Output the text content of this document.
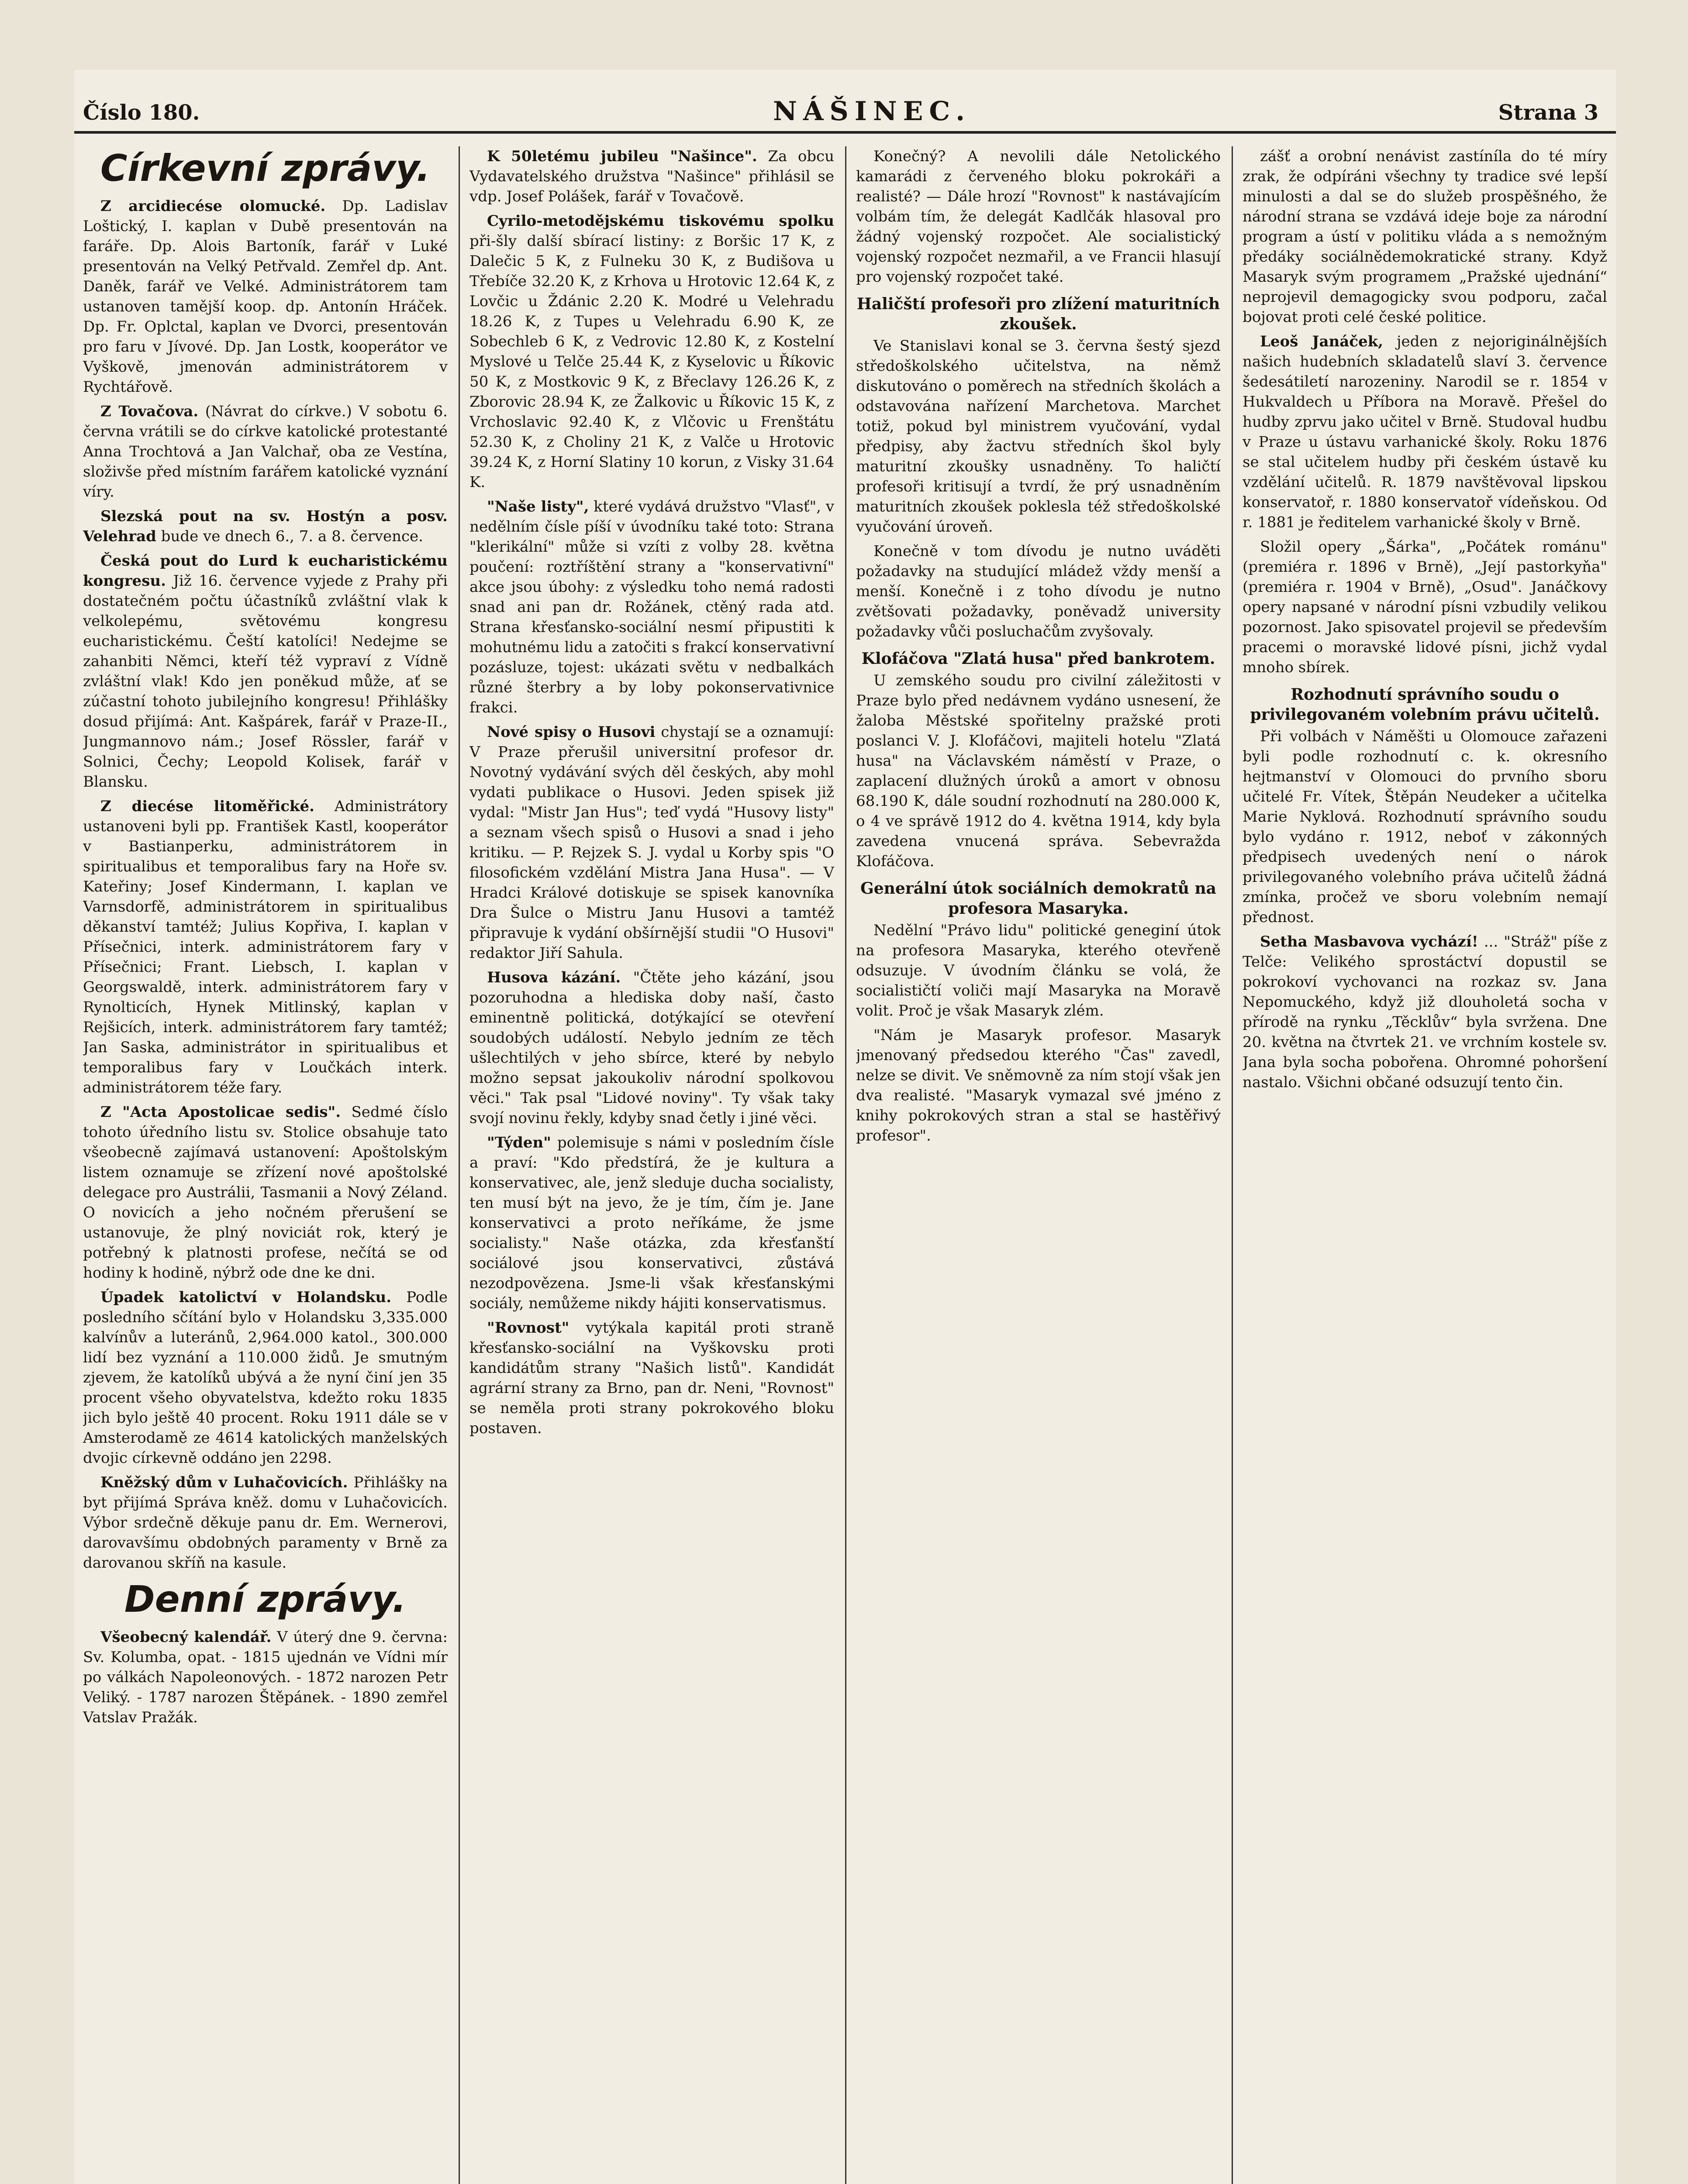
Číslo 180.	NÁŠINEC.	Strana 3
Církevní zprávy.

Z arcidiecése olomucké. Dp. Ladislav Loštický, I. kaplan v Dubě presentován na faráře. Dp. Alois Bartoník, farář v Luké presentován na Velký Petřvald. Zemřel dp. Ant. Daněk, farář ve Velké. Administrátorem tam ustanoven tamější koop. dp. Antonín Hráček. Dp. Fr. Oplctal, kaplan ve Dvorci, presentován pro faru v Jívové. Dp. Jan Lostk, kooperátor ve Vyškově, jmenován administrátorem v Rychtářově.

Z Tovačova. (Návrat do církve.) V sobotu 6. června vrátili se do církve katolické protestanté Anna Trochtová a Jan Valchař, oba ze Vestína, složivše před místním farářem katolické vyznání víry.

Slezská pout na sv. Hostýn a posv. Velehrad bude ve dnech 6., 7. a 8. července.

Česká pout do Lurd k eucharistickému kongresu. Již 16. července vyjede z Prahy při dostatečném počtu účastníků zvláštní vlak k velkolepému, světovému kongresu eucharistickému. Čeští katolíci! Nedejme se zahanbiti Němci, kteří též vypraví z Vídně zvláštní vlak! Kdo jen poněkud může, ať se zúčastní tohoto jubilejního kongresu! Přihlášky dosud přijímá: Ant. Kašpárek, farář v Praze-II., Jungmannovo nám.; Josef Rössler, farář v Solnici, Čechy; Leopold Kolisek, farář v Blansku.

Z diecése litoměřické. Administrátory ustanoveni byli pp. František Kastl, kooperátor v Bastianperku, administrátorem in spiritualibus et temporalibus fary na Hoře sv. Kateřiny; Josef Kindermann, I. kaplan ve Varnsdorfě, administrátorem in spiritualibus děkanství tamtéž; Julius Kopřiva, I. kaplan v Přísečnici, interk. administrátorem fary v Přísečnici; Frant. Liebsch, I. kaplan v Georgswaldě, interk. administrátorem fary v Rynolticích, Hynek Mitlinský, kaplan v Rejšicích, interk. administrátorem fary tamtéž; Jan Saska, administrátor in spiritualibus et temporalibus fary v Loučkách interk. administrátorem téže fary.

Z "Acta Apostolicae sedis". Sedmé číslo tohoto úředního listu sv. Stolice obsahuje tato všeobecně zajímavá ustanovení: Apoštolským listem oznamuje se zřízení nové apoštolské delegace pro Austrálii, Tasmanii a Nový Zéland. O novicích a jeho nočném přerušení se ustanovuje, že plný noviciát rok, který je potřebný k platnosti profese, nečítá se od hodiny k hodině, nýbrž ode dne ke dni.

Úpadek katolictví v Holandsku. Podle posledního sčítání bylo v Holandsku 3,335.000 kalvínův a luteránů, 2,964.000 katol., 300.000 lidí bez vyznání a 110.000 židů. Je smutným zjevem, že katolíků ubývá a že nyní činí jen 35 procent všeho obyvatelstva, kdežto roku 1835 jich bylo ještě 40 procent. Roku 1911 dále se v Amsterodamě ze 4614 katolických manželských dvojic církevně oddáno jen 2298.

Kněžský dům v Luhačovicích. Přihlášky na byt přijímá Správa kněž. domu v Luhačovicích. Výbor srdečně děkuje panu dr. Em. Wernerovi, darovavšímu obdobných paramenty v Brně za darovanou skříň na kasule.

Denní zprávy.

Všeobecný kalendář. V úterý dne 9. června: Sv. Kolumba, opat. - 1815 ujednán ve Vídni mír po válkách Napoleonových. - 1872 narozen Petr Veliký. - 1787 narozen Štěpánek. - 1890 zemřel Vatslav Pražák.

K 50letému jubileu "Našince". Za obcu Vydavatelského družstva "Našince" přihlásil se vdp. Josef Polášek, farář v Tovačově.

Cyrilo-metodějskému tiskovému spolku při-šly další sbírací listiny: z Boršic 17 K, z Dalečic 5 K, z Fulneku 30 K, z Budišova u Třebíče 32.20 K, z Krhova u Hrotovic 12.64 K, z Lovčic u Ždánic 2.20 K. Modré u Velehradu 18.26 K, z Tupes u Velehradu 6.90 K, ze Sobechleb 6 K, z Vedrovic 12.80 K, z Kostelní Myslové u Telče 25.44 K, z Kyselovic u Říkovic 50 K, z Mostkovic 9 K, z Břeclavy 126.26 K, z Zborovic 28.94 K, ze Žalkovic u Říkovic 15 K, z Vrchoslavic 92.40 K, z Vlčovic u Frenštátu 52.30 K, z Choliny 21 K, z Valče u Hrotovic 39.24 K, z Horní Slatiny 10 korun, z Visky 31.64 K.

"Naše listy", které vydává družstvo "Vlasť", v nedělním čísle píší v úvodníku také toto: Strana "klerikální" může si vzíti z volby 28. května poučení: roztříštění strany a "konservativní" akce jsou úbohy: z výsledku toho nemá radosti snad ani pan dr. Rožánek, ctěný rada atd. Strana křesťansko-sociální nesmí připustiti k mohutnému lidu a zatočiti s frakcí konservativní pozásluze, tojest: ukázati světu v nedbalkách různé šterbry a by loby pokonservativnice frakci.

Nové spisy o Husovi chystají se a oznamují: V Praze přerušil universitní profesor dr. Novotný vydávání svých děl českých, aby mohl vydati publikace o Husovi. Jeden spisek již vydal: "Mistr Jan Hus"; teď vydá "Husovy listy" a seznam všech spisů o Husovi a snad i jeho kritiku. — P. Rejzek S. J. vydal u Korby spis "O filosofickém vzdělání Mistra Jana Husa". — V Hradci Králové dotiskuje se spisek kanovníka Dra Šulce o Mistru Janu Husovi a tamtéž připravuje k vydání obšírnější studii "O Husovi" redaktor Jiří Sahula.

Husova kázání. "Čtěte jeho kázání, jsou pozoruhodna a hlediska doby naší, často eminentně politická, dotýkající se otevření soudobých událostí. Nebylo jedním ze těch ušlechtilých v jeho sbírce, které by nebylo možno sepsat jakoukoliv národní spolkovou věci." Tak psal "Lidové noviny". Ty však taky svojí novinu řekly, kdyby snad četly i jiné věci.

"Týden" polemisuje s námi v posledním čísle a praví: "Kdo předstírá, že je kultura a konservativec, ale, jenž sleduje ducha socialisty, ten musí být na jevo, že je tím, čím je. Jane konservativci a proto neříkáme, že jsme socialisty." Naše otázka, zda křesťanští sociálové jsou konservativci, zůstává nezodpovězena. Jsme-li však křesťanskými sociály, nemůžeme nikdy hájiti konservatismus.

"Rovnost" vytýkala kapitál proti straně křesťansko-sociální na Vyškovsku proti kandidátům strany "Našich listů". Kandidát agrární strany za Brno, pan dr. Neni, "Rovnost" se neměla proti strany pokrokového bloku postaven.

Konečný? A nevolili dále Netolického kamarádi z červeného bloku pokrokáři a realisté? — Dále hrozí "Rovnost" k nastávajícím volbám tím, že delegát Kadlčák hlasoval pro žádný vojenský rozpočet. Ale socialistický vojenský rozpočet nezmařil, a ve Francii hlasují pro vojenský rozpočet také.

Haličští profesoři pro zlížení maturitních zkoušek.

Ve Stanislavi konal se 3. června šestý sjezd středoškolského učitelstva, na němž diskutováno o poměrech na středních školách a odstavována nařízení Marchetova. Marchet totiž, pokud byl ministrem vyučování, vydal předpisy, aby žactvu středních škol byly maturitní zkoušky usnadněny. To haličtí profesoři kritisují a tvrdí, že prý usnadněním maturitních zkoušek poklesla též středoškolské vyučování úroveň.

Konečně v tom dívodu je nutno uváděti požadavky na studující mládež vždy menší a menší. Konečně i z toho dívodu je nutno zvětšovati požadavky, poněvadž university požadavky vůči posluchačům zvyšovaly.

Klofáčova "Zlatá husa" před bankrotem.

U zemského soudu pro civilní záležitosti v Praze bylo před nedávnem vydáno usnesení, že žaloba Městské spořitelny pražské proti poslanci V. J. Klofáčovi, majiteli hotelu "Zlatá husa" na Václavském náměstí v Praze, o zaplacení dlužných úroků a amort v obnosu 68.190 K, dále soudní rozhodnutí na 280.000 K, o 4 ve správě 1912 do 4. května 1914, kdy byla zavedena vnucená správa. Sebevražda Klofáčova.

Generální útok sociálních demokratů na profesora Masaryka.

Nedělní "Právo lidu" politické geneginí útok na profesora Masaryka, kterého otevřeně odsuzuje. V úvodním článku se volá, že socialističtí voliči mají Masaryka na Moravě volit. Proč je však Masaryk zlém.

"Nám je Masaryk profesor. Masaryk jmenovaný předsedou kterého "Čas" zavedl, nelze se divit. Ve sněmovně za ním stojí však jen dva realisté. "Masaryk vymazal své jméno z knihy pokrokových stran a stal se hastěřivý profesor".

zášť a orobní nenávist zastíníla do té míry zrak, že odpíráni všechny ty tradice své lepší minulosti a dal se do služeb prospěšného, že národní strana se vzdává ideje boje za národní program a ústí v politiku vláda a s nemožným předáky sociálnědemokratické strany. Když Masaryk svým programem „Pražské ujednání“ neprojevil demagogicky svou podporu, začal bojovat proti celé české politice.

Leoš Janáček, jeden z nejoriginálnějších našich hudebních skladatelů slaví 3. července šedesátiletí narozeniny. Narodil se r. 1854 v Hukvaldech u Příbora na Moravě. Přešel do hudby zprvu jako učitel v Brně. Studoval hudbu v Praze u ústavu varhanické školy. Roku 1876 se stal učitelem hudby při českém ústavě ku vzdělání učitelů. R. 1879 navštěvoval lipskou konservatoř, r. 1880 konservatoř vídeňskou. Od r. 1881 je ředitelem varhanické školy v Brně.

Složil opery „Šárka", „Počátek románu" (premiéra r. 1896 v Brně), „Její pastorkyňa" (premiéra r. 1904 v Brně), „Osud". Janáčkovy opery napsané v národní písni vzbudily velikou pozornost. Jako spisovatel projevil se především pracemi o moravské lidové písni, jichž vydal mnoho sbírek.

Rozhodnutí správního soudu o privilegovaném volebním právu učitelů.

Při volbách v Náměšti u Olomouce zařazeni byli podle rozhodnutí c. k. okresního hejtmanství v Olomouci do prvního sboru učitelé Fr. Vítek, Štěpán Neudeker a učitelka Marie Nyklová. Rozhodnutí správního soudu bylo vydáno r. 1912, neboť v zákonných předpisech uvedených není o nárok privilegovaného volebního práva učitelů žádná zmínka, pročež ve sboru volebním nemají přednost.

Setha Masbavova vychází! ... "Stráž" píše z Telče: Velikého sprostáctví dopustil se pokrokoví vychovanci na rozkaz sv. Jana Nepomuckého, když již dlouholetá socha v přírodě na rynku „Těcklův“ byla svržena. Dne 20. května na čtvrtek 21. ve vrchním kostele sv. Jana byla socha pobořena. Ohromné pohoršení nastalo. Všichni občané odsuzují tento čin.
